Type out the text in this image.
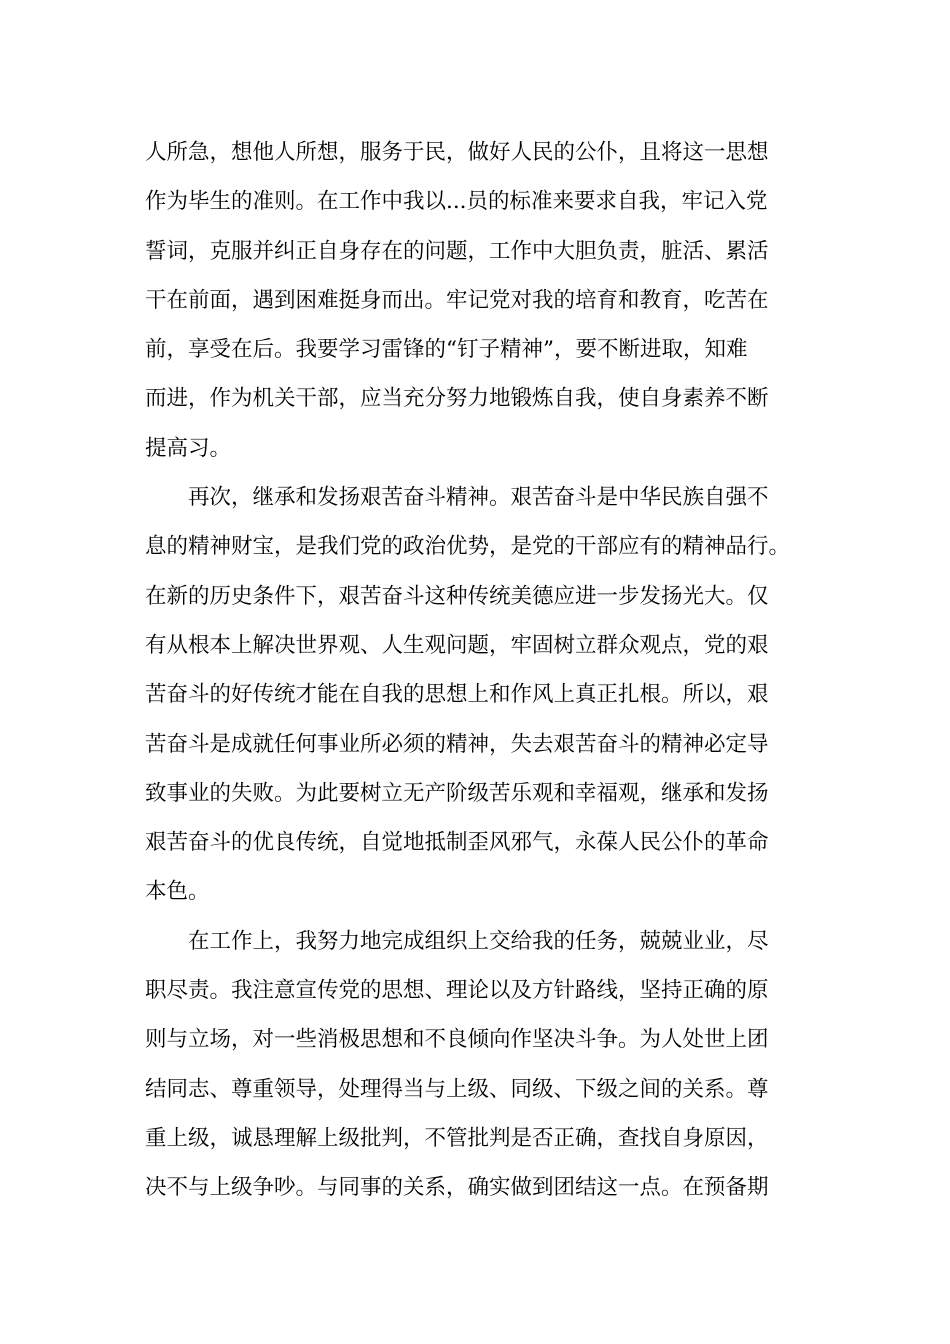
人所急，想他人所想，服务于民，做好人民的公仆，且将这一思想
作为毕生的准则。在工作中我以...员的标准来要求自我，牢记入党
誓词，克服并纠正自身存在的问题，工作中大胆负责，脏活、累活
干在前面，遇到困难挺身而出。牢记党对我的培育和教育，吃苦在
前，享受在后。我要学习雷锋的“钉子精神”，要不断进取，知难
而进，作为机关干部，应当充分努力地锻炼自我，使自身素养不断
提高习。
再次，继承和发扬艰苦奋斗精神。艰苦奋斗是中华民族自强不
息的精神财宝，是我们党的政治优势，是党的干部应有的精神品行。
在新的历史条件下，艰苦奋斗这种传统美德应进一步发扬光大。仅
有从根本上解决世界观、人生观问题，牢固树立群众观点，党的艰
苦奋斗的好传统才能在自我的思想上和作风上真正扎根。所以，艰
苦奋斗是成就任何事业所必须的精神，失去艰苦奋斗的精神必定导
致事业的失败。为此要树立无产阶级苦乐观和幸福观，继承和发扬
艰苦奋斗的优良传统，自觉地抵制歪风邪气，永葆人民公仆的革命
本色。
在工作上，我努力地完成组织上交给我的任务，兢兢业业，尽
职尽责。我注意宣传党的思想、理论以及方针路线，坚持正确的原
则与立场，对一些消极思想和不良倾向作坚决斗争。为人处世上团
结同志、尊重领导，处理得当与上级、同级、下级之间的关系。尊
重上级，诚恳理解上级批判，不管批判是否正确，查找自身原因，
决不与上级争吵。与同事的关系，确实做到团结这一点。在预备期
